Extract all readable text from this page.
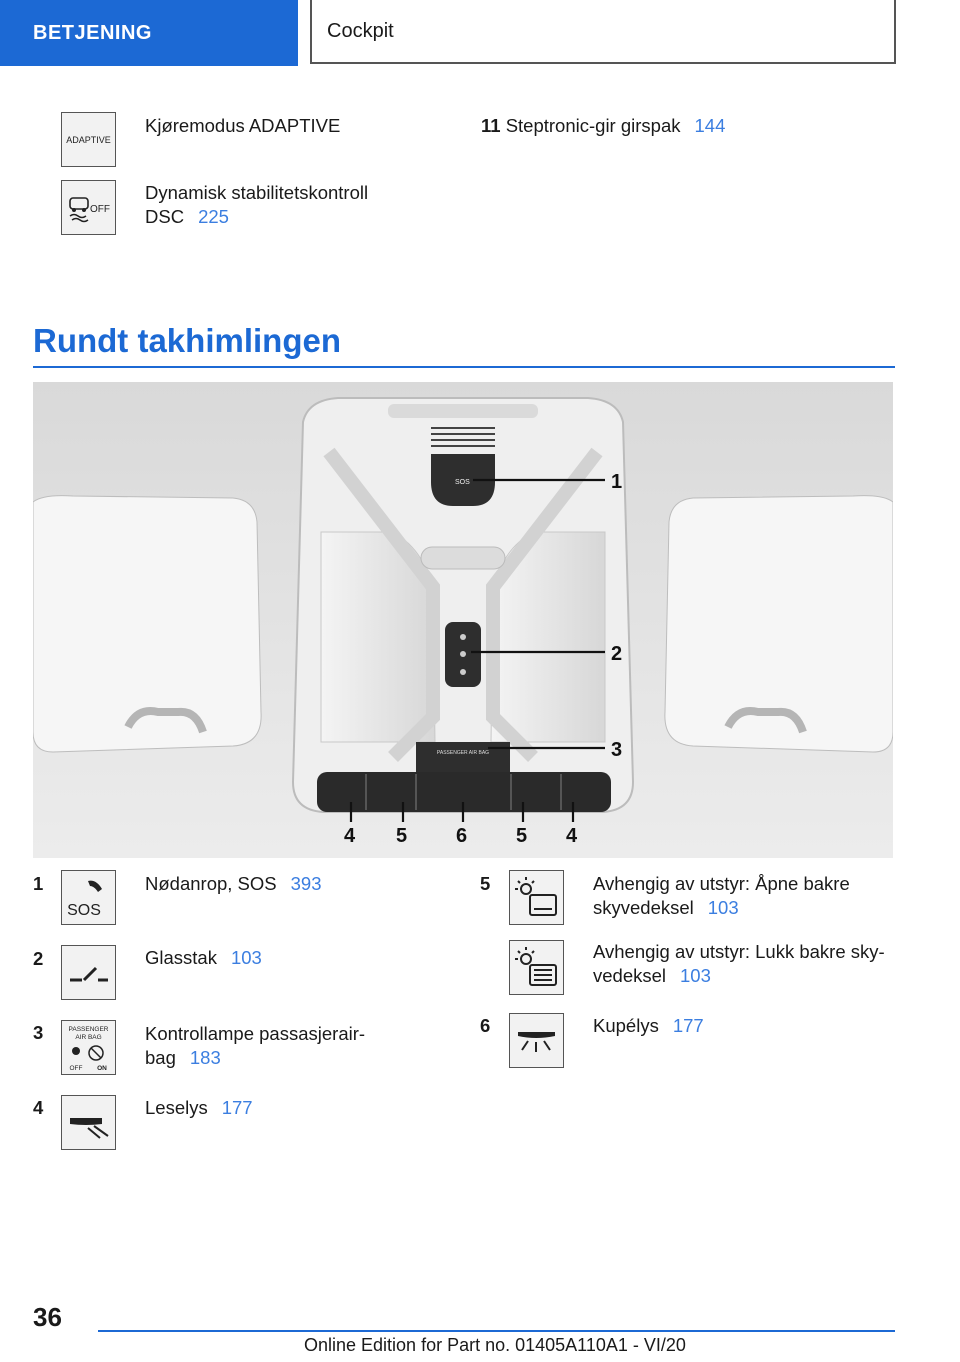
BETJENING	Cockpit
ADAPTIVE
Kjøremodus ADAPTIVE
OFF
Dynamisk stabilitetskontroll
DSC 225
11 Steptronic-gir girspak 144
Rundt takhimlingen
SOS
PASSENGER AIR BAG
1
2
3
4 5 6 5 4
1
SOS
Nødanrop, SOS 393
2	Glasstak 103
3	PASSENGER
AIR BAG
OFF ON
Kontrollampe passasjerair-
bag 183
4	Leselys 177
5	Avhengig av utstyr: Åpne bakre
skyvedeksel 103
Avhengig av utstyr: Lukk bakre sky-
vedeksel 103
6	Kupélys 177
36
Online Edition for Part no. 01405A110A1 - VI/20
